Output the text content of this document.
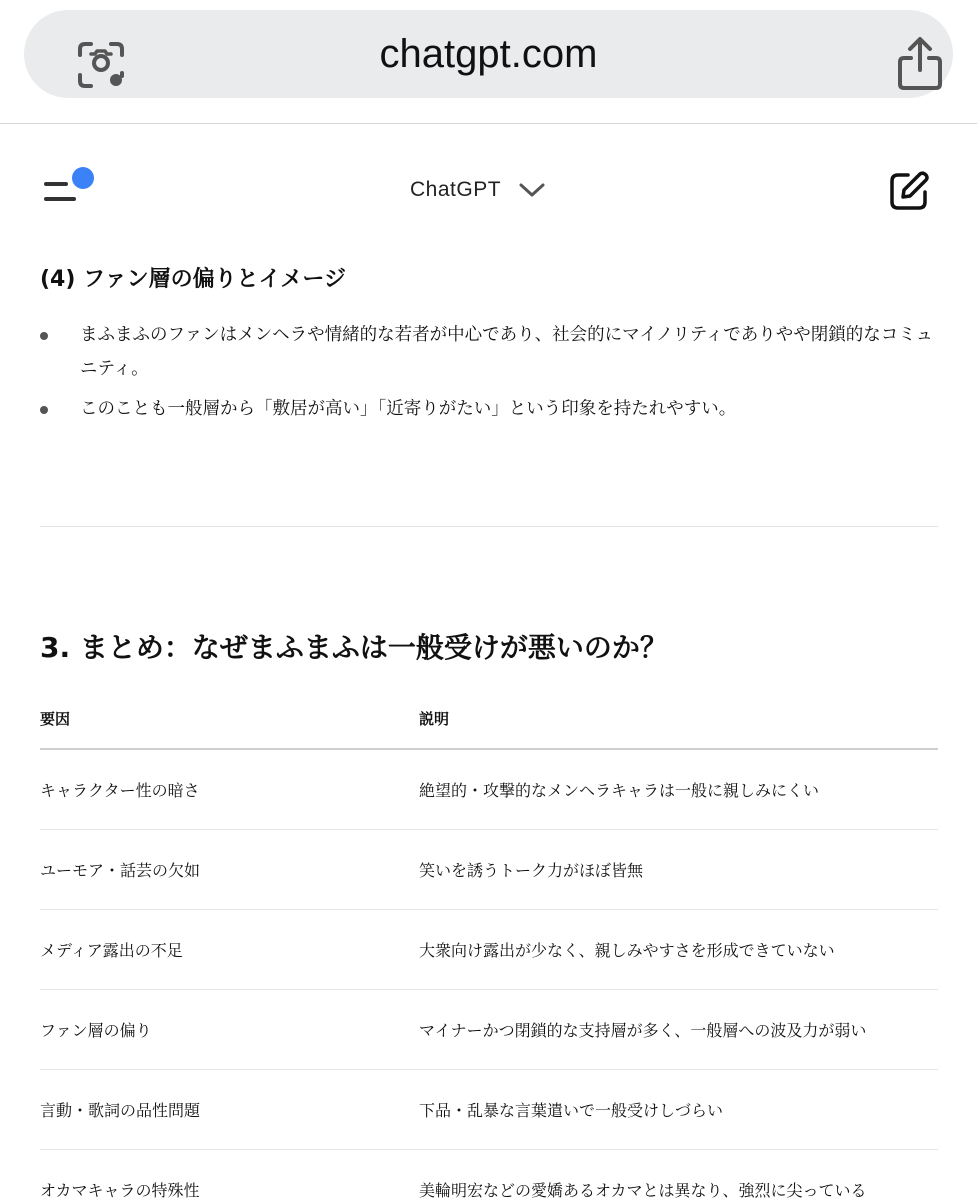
chatgpt.com
ChatGPT
(4) ファン層の偏りとイメージ
まふまふのファンはメンヘラや情緒的な若者が中心であり、社会的にマイノリティでありやや閉鎖的なコミュニティ。
このことも一般層から「敷居が高い」「近寄りがたい」という印象を持たれやすい。
3. まとめ：なぜまふまふは一般受けが悪いのか？
要因	説明
キャラクター性の暗さ	絶望的・攻撃的なメンヘラキャラは一般に親しみにくい
ユーモア・話芸の欠如	笑いを誘うトーク力がほぼ皆無
メディア露出の不足	大衆向け露出が少なく、親しみやすさを形成できていない
ファン層の偏り	マイナーかつ閉鎖的な支持層が多く、一般層への波及力が弱い
言動・歌詞の品性問題	下品・乱暴な言葉遣いで一般受けしづらい
オカマキャラの特殊性	美輪明宏などの愛嬌あるオカマとは異なり、強烈に尖っている
